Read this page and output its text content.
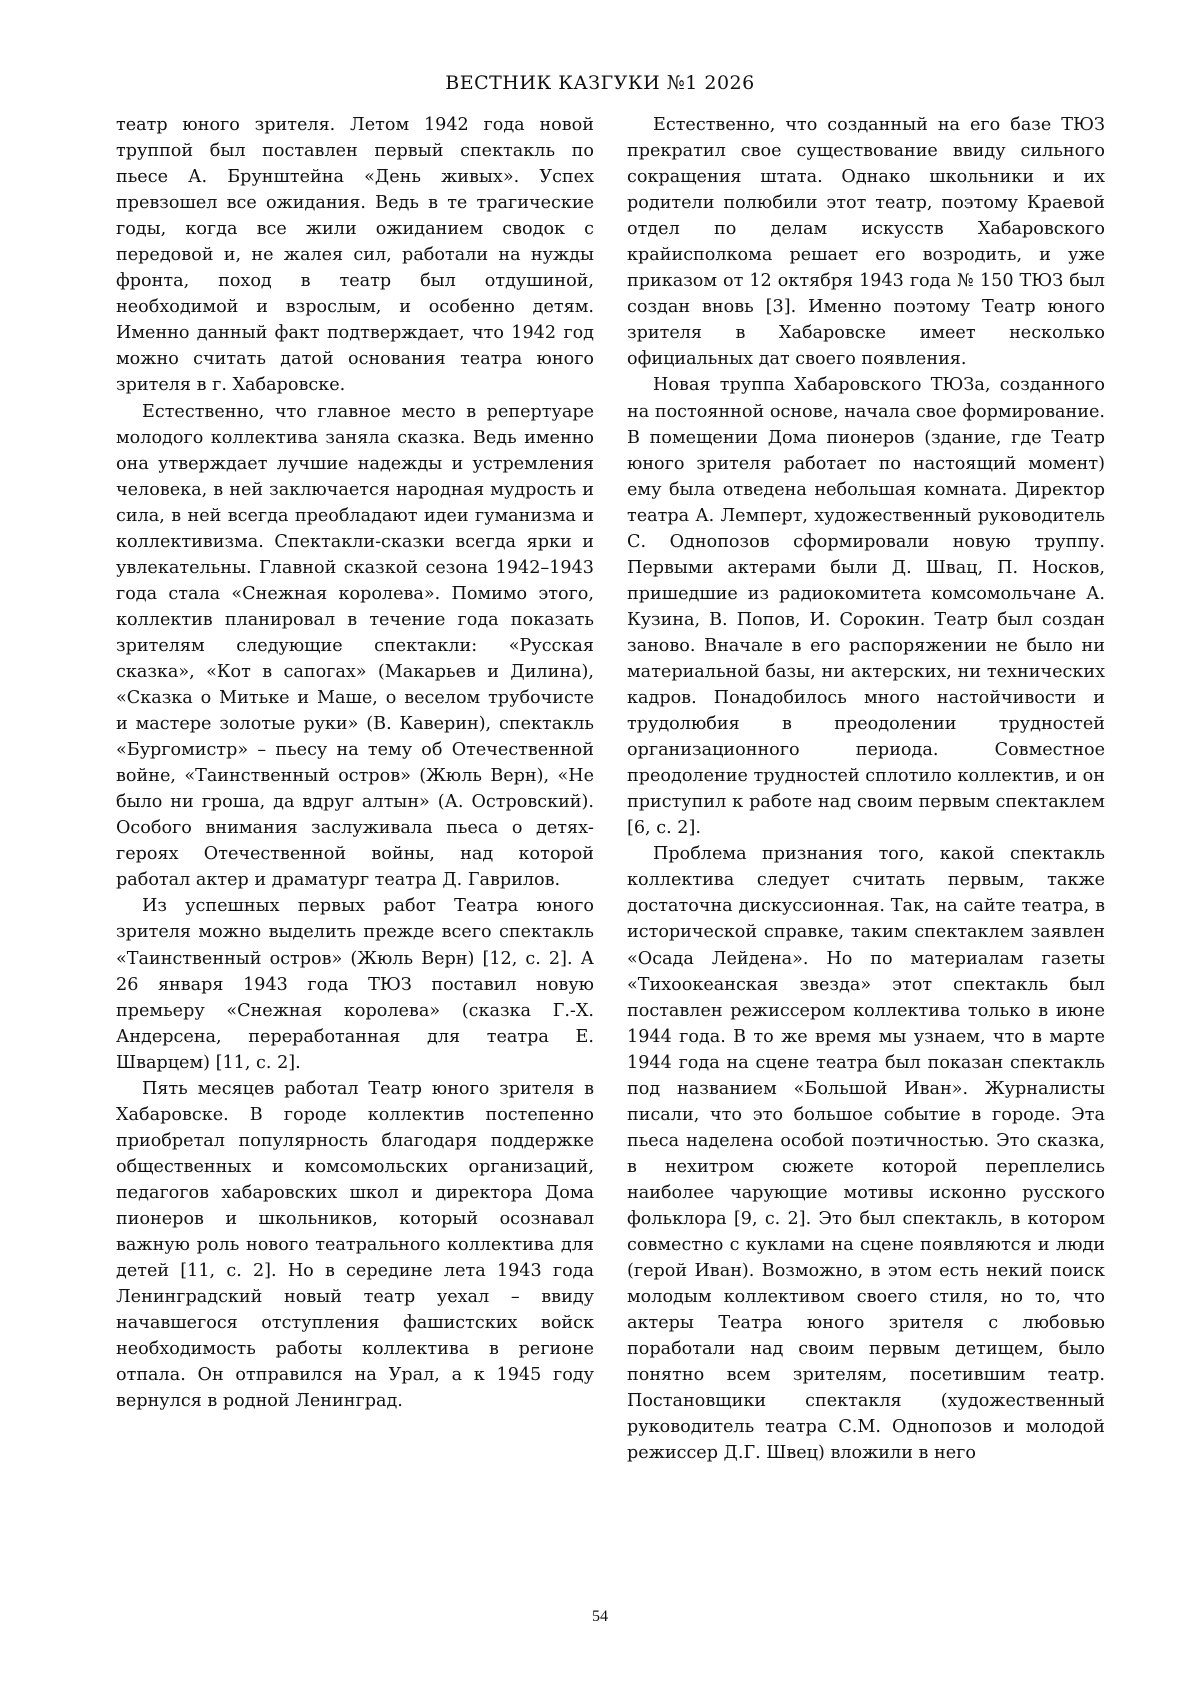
ВЕСТНИК КАЗГУКИ №1 2026

театр юного зрителя. Летом 1942 года новой труппой был поставлен первый спектакль по пьесе А. Брунштейна «День живых». Успех превзошел все ожидания. Ведь в те трагические годы, когда все жили ожиданием сводок с передовой и, не жалея сил, работали на нужды фронта, поход в театр был отдушиной, необходимой и взрослым, и особенно детям. Именно данный факт подтверждает, что 1942 год можно считать датой основания театра юного зрителя в г. Хабаровске.

Естественно, что главное место в репертуаре молодого коллектива заняла сказка. Ведь именно она утверждает лучшие надежды и устремления человека, в ней заключается народная мудрость и сила, в ней всегда преобладают идеи гуманизма и коллективизма. Спектакли-сказки всегда ярки и увлекательны. Главной сказкой сезона 1942–1943 года стала «Снежная королева». Помимо этого, коллектив планировал в течение года показать зрителям следующие спектакли: «Русская сказка», «Кот в сапогах» (Макарьев и Дилина), «Сказка о Митьке и Маше, о веселом трубочисте и мастере золотые руки» (В. Каверин), спектакль «Бургомистр» – пьесу на тему об Отечественной войне, «Таинственный остров» (Жюль Верн), «Не было ни гроша, да вдруг алтын» (А. Островский). Особого внимания заслуживала пьеса о детях-героях Отечественной войны, над которой работал актер и драматург театра Д. Гаврилов.

Из успешных первых работ Театра юного зрителя можно выделить прежде всего спектакль «Таинственный остров» (Жюль Верн) [12, с. 2]. А 26 января 1943 года ТЮЗ поставил новую премьеру «Снежная королева» (сказка Г.-Х. Андерсена, переработанная для театра Е. Шварцем) [11, с. 2].

Пять месяцев работал Театр юного зрителя в Хабаровске. В городе коллектив постепенно приобретал популярность благодаря поддержке общественных и комсомольских организаций, педагогов хабаровских школ и директора Дома пионеров и школьников, который осознавал важную роль нового театрального коллектива для детей [11, с. 2]. Но в середине лета 1943 года Ленинградский новый театр уехал – ввиду начавшегося отступления фашистских войск необходимость работы коллектива в регионе отпала. Он отправился на Урал, а к 1945 году вернулся в родной Ленинград.

Естественно, что созданный на его базе ТЮЗ прекратил свое существование ввиду сильного сокращения штата. Однако школьники и их родители полюбили этот театр, поэтому Краевой отдел по делам искусств Хабаровского крайисполкома решает его возродить, и уже приказом от 12 октября 1943 года № 150 ТЮЗ был создан вновь [3]. Именно поэтому Театр юного зрителя в Хабаровске имеет несколько официальных дат своего появления.

Новая труппа Хабаровского ТЮЗа, созданного на постоянной основе, начала свое формирование. В помещении Дома пионеров (здание, где Театр юного зрителя работает по настоящий момент) ему была отведена небольшая комната. Директор театра А. Лемперт, художественный руководитель С. Однопозов сформировали новую труппу. Первыми актерами были Д. Швац, П. Носков, пришедшие из радиокомитета комсомольчане А. Кузина, В. Попов, И. Сорокин. Театр был создан заново. Вначале в его распоряжении не было ни материальной базы, ни актерских, ни технических кадров. Понадобилось много настойчивости и трудолюбия в преодолении трудностей организационного периода. Совместное преодоление трудностей сплотило коллектив, и он приступил к работе над своим первым спектаклем [6, с. 2].

Проблема признания того, какой спектакль коллектива следует считать первым, также достаточна дискуссионная. Так, на сайте театра, в исторической справке, таким спектаклем заявлен «Осада Лейдена». Но по материалам газеты «Тихоокеанская звезда» этот спектакль был поставлен режиссером коллектива только в июне 1944 года. В то же время мы узнаем, что в марте 1944 года на сцене театра был показан спектакль под названием «Большой Иван». Журналисты писали, что это большое событие в городе. Эта пьеса наделена особой поэтичностью. Это сказка, в нехитром сюжете которой переплелись наиболее чарующие мотивы исконно русского фольклора [9, с. 2]. Это был спектакль, в котором совместно с куклами на сцене появляются и люди (герой Иван). Возможно, в этом есть некий поиск молодым коллективом своего стиля, но то, что актеры Театра юного зрителя с любовью поработали над своим первым детищем, было понятно всем зрителям, посетившим театр. Постановщики спектакля (художественный руководитель театра С.М. Однопозов и молодой режиссер Д.Г. Швец) вложили в него

54
